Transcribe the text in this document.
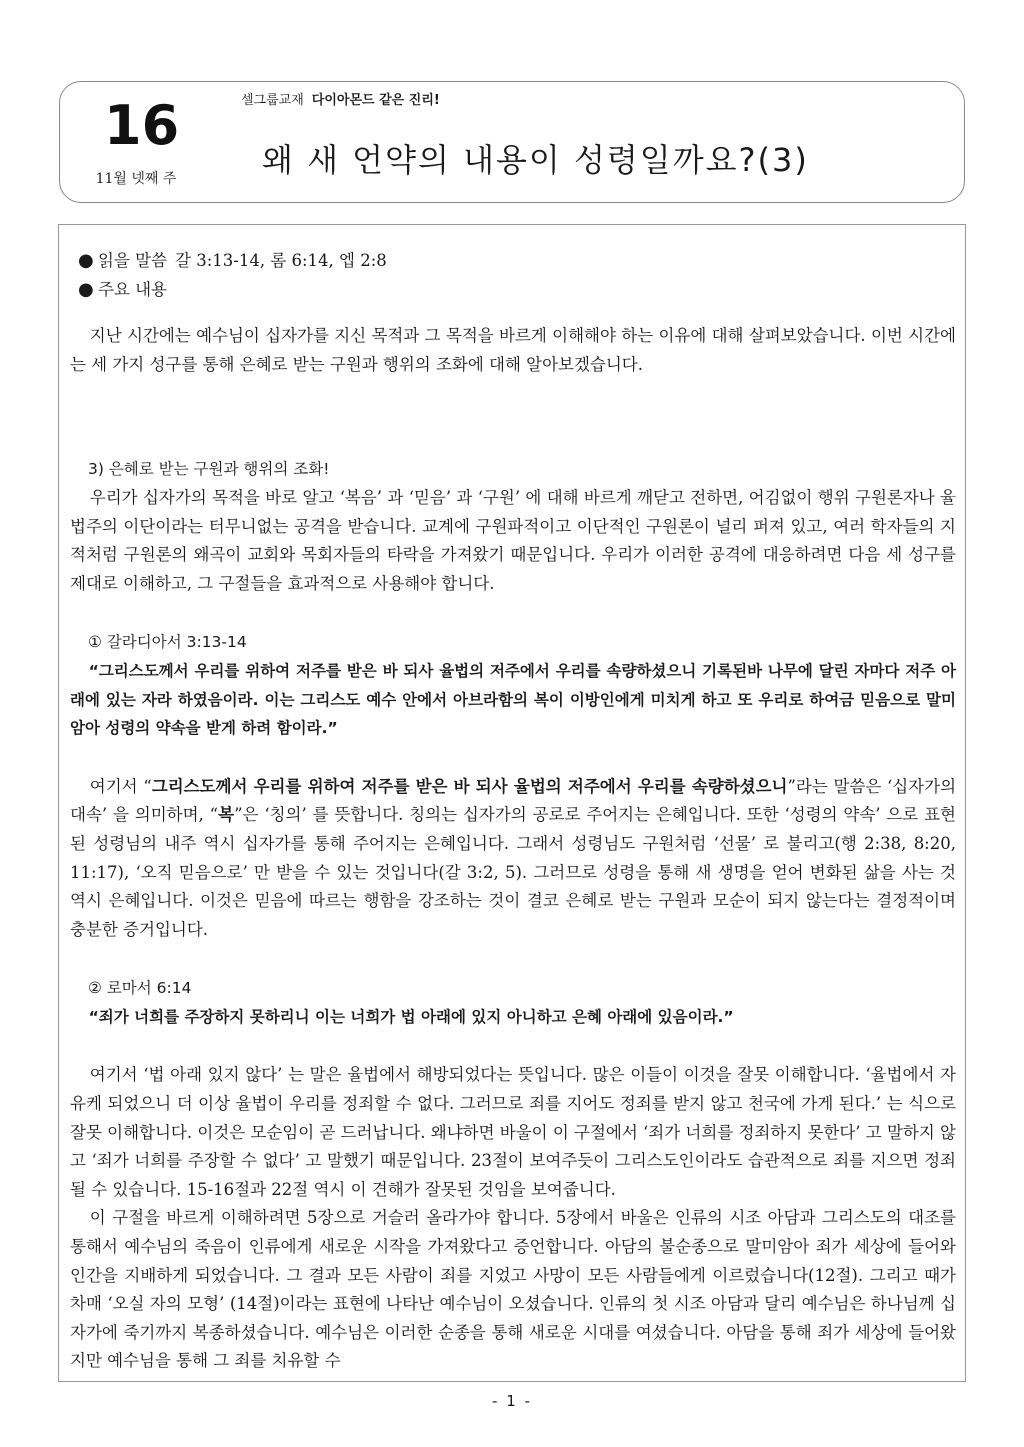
16
11월 넷째 주
셀그룹교재 다이아몬드 같은 진리!
왜 새 언약의 내용이 성령일까요?(3)
● 읽을 말씀 갈 3:13-14, 롬 6:14, 엡 2:8
● 주요 내용

지난 시간에는 예수님이 십자가를 지신 목적과 그 목적을 바르게 이해해야 하는 이유에 대해 살펴보았습니다. 이번 시간에는 세 가지 성구를 통해 은혜로 받는 구원과 행위의 조화에 대해 알아보겠습니다.

3) 은혜로 받는 구원과 행위의 조화!

우리가 십자가의 목적을 바로 알고 ‘복음’ 과 ‘믿음’ 과 ‘구원’ 에 대해 바르게 깨닫고 전하면, 어김없이 행위 구원론자나 율법주의 이단이라는 터무니없는 공격을 받습니다. 교계에 구원파적이고 이단적인 구원론이 널리 퍼져 있고, 여러 학자들의 지적처럼 구원론의 왜곡이 교회와 목회자들의 타락을 가져왔기 때문입니다. 우리가 이러한 공격에 대응하려면 다음 세 성구를 제대로 이해하고, 그 구절들을 효과적으로 사용해야 합니다.

① 갈라디아서 3:13-14

“그리스도께서 우리를 위하여 저주를 받은 바 되사 율법의 저주에서 우리를 속량하셨으니 기록된바 나무에 달린 자마다 저주 아래에 있는 자라 하였음이라. 이는 그리스도 예수 안에서 아브라함의 복이 이방인에게 미치게 하고 또 우리로 하여금 믿음으로 말미암아 성령의 약속을 받게 하려 함이라.”

여기서 “그리스도께서 우리를 위하여 저주를 받은 바 되사 율법의 저주에서 우리를 속량하셨으니”라는 말씀은 ‘십자가의 대속’ 을 의미하며, “복”은 ‘칭의’ 를 뜻합니다. 칭의는 십자가의 공로로 주어지는 은혜입니다. 또한 ‘성령의 약속’ 으로 표현된 성령님의 내주 역시 십자가를 통해 주어지는 은혜입니다. 그래서 성령님도 구원처럼 ‘선물’ 로 불리고(행 2:38, 8:20, 11:17), ‘오직 믿음으로’ 만 받을 수 있는 것입니다(갈 3:2, 5). 그러므로 성령을 통해 새 생명을 얻어 변화된 삶을 사는 것 역시 은혜입니다. 이것은 믿음에 따르는 행함을 강조하는 것이 결코 은혜로 받는 구원과 모순이 되지 않는다는 결정적이며 충분한 증거입니다.

② 로마서 6:14

“죄가 너희를 주장하지 못하리니 이는 너희가 법 아래에 있지 아니하고 은혜 아래에 있음이라.”

여기서 ‘법 아래 있지 않다’ 는 말은 율법에서 해방되었다는 뜻입니다. 많은 이들이 이것을 잘못 이해합니다. ‘율법에서 자유케 되었으니 더 이상 율법이 우리를 정죄할 수 없다. 그러므로 죄를 지어도 정죄를 받지 않고 천국에 가게 된다.’ 는 식으로 잘못 이해합니다. 이것은 모순임이 곧 드러납니다. 왜냐하면 바울이 이 구절에서 ‘죄가 너희를 정죄하지 못한다’ 고 말하지 않고 ‘죄가 너희를 주장할 수 없다’ 고 말했기 때문입니다. 23절이 보여주듯이 그리스도인이라도 습관적으로 죄를 지으면 정죄될 수 있습니다. 15-16절과 22절 역시 이 견해가 잘못된 것임을 보여줍니다.

이 구절을 바르게 이해하려면 5장으로 거슬러 올라가야 합니다. 5장에서 바울은 인류의 시조 아담과 그리스도의 대조를 통해서 예수님의 죽음이 인류에게 새로운 시작을 가져왔다고 증언합니다. 아담의 불순종으로 말미암아 죄가 세상에 들어와 인간을 지배하게 되었습니다. 그 결과 모든 사람이 죄를 지었고 사망이 모든 사람들에게 이르렀습니다(12절). 그리고 때가 차매 ‘오실 자의 모형’ (14절)이라는 표현에 나타난 예수님이 오셨습니다. 인류의 첫 시조 아담과 달리 예수님은 하나님께 십자가에 죽기까지 복종하셨습니다. 예수님은 이러한 순종을 통해 새로운 시대를 여셨습니다. 아담을 통해 죄가 세상에 들어왔지만 예수님을 통해 그 죄를 치유할 수

- 1 -
